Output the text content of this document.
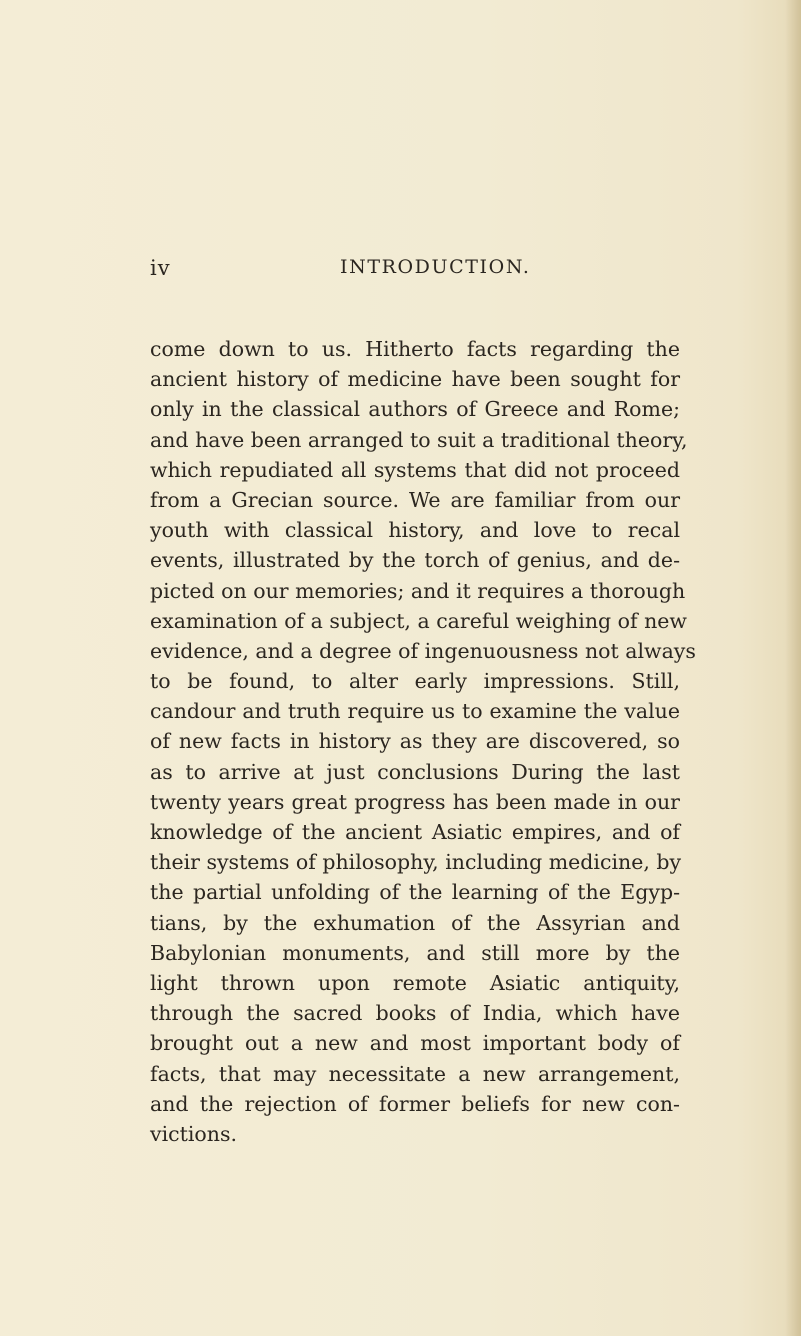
iv	INTRODUCTION.
come down to us. Hitherto facts regarding the
ancient history of medicine have been sought for
only in the classical authors of Greece and Rome;
and have been arranged to suit a traditional theory,
which repudiated all systems that did not proceed
from a Grecian source. We are familiar from our
youth with classical history, and love to recal
events, illustrated by the torch of genius, and de-
picted on our memories; and it requires a thorough
examination of a subject, a careful weighing of new
evidence, and a degree of ingenuousness not always
to be found, to alter early impressions. Still,
candour and truth require us to examine the value
of new facts in history as they are discovered, so
as to arrive at just conclusions During the last
twenty years great progress has been made in our
knowledge of the ancient Asiatic empires, and of
their systems of philosophy, including medicine, by
the partial unfolding of the learning of the Egyp-
tians, by the exhumation of the Assyrian and
Babylonian monuments, and still more by the
light thrown upon remote Asiatic antiquity,
through the sacred books of India, which have
brought out a new and most important body of
facts, that may necessitate a new arrangement,
and the rejection of former beliefs for new con-
victions.
